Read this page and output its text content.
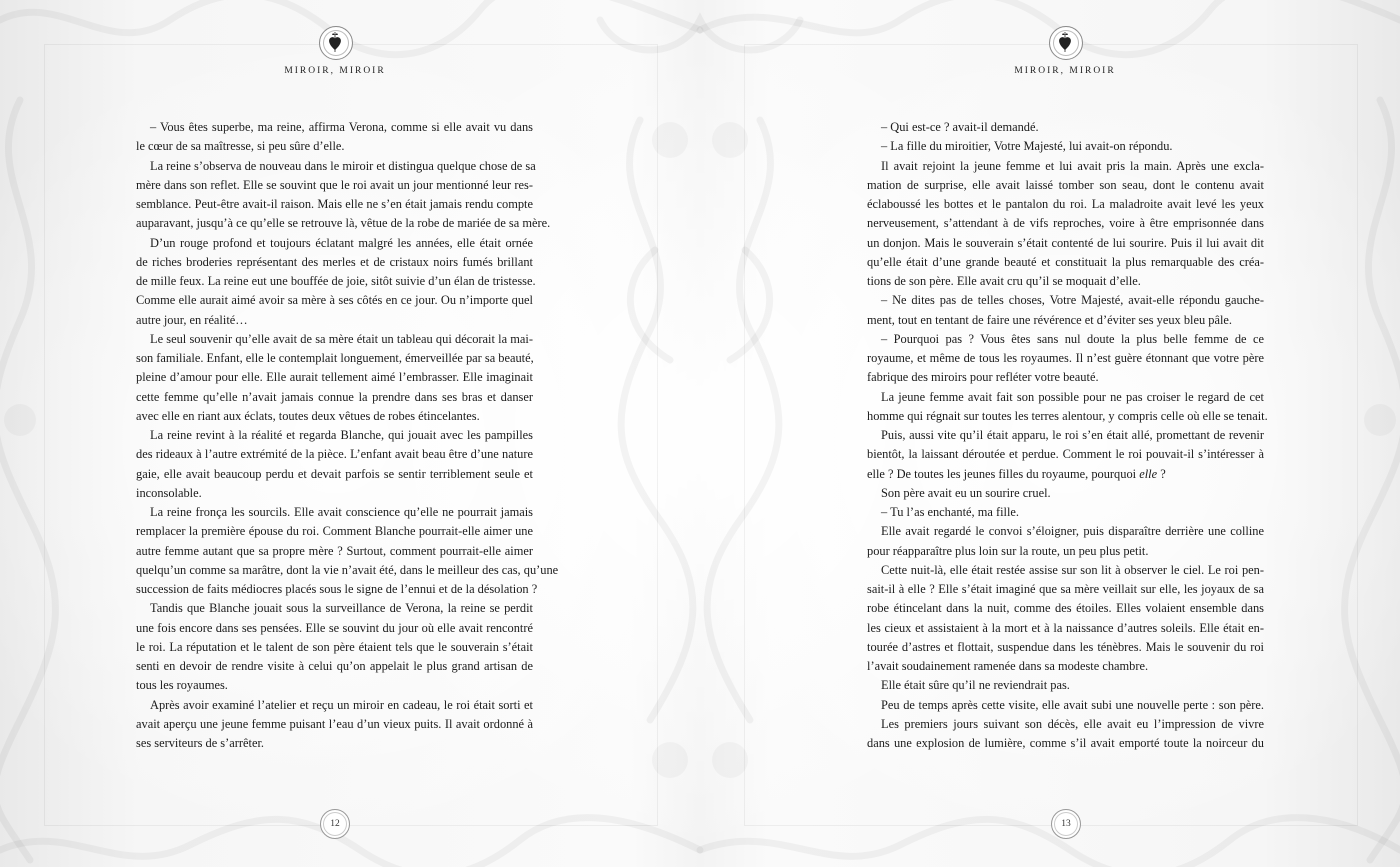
MIROIR, MIROIR
– Vous êtes superbe, ma reine, affirma Verona, comme si elle avait vu dans
le cœur de sa maîtresse, si peu sûre d’elle.
La reine s’observa de nouveau dans le miroir et distingua quelque chose de sa
mère dans son reflet. Elle se souvint que le roi avait un jour mentionné leur res-
semblance. Peut-être avait-il raison. Mais elle ne s’en était jamais rendu compte
auparavant, jusqu’à ce qu’elle se retrouve là, vêtue de la robe de mariée de sa mère.
D’un rouge profond et toujours éclatant malgré les années, elle était ornée
de riches broderies représentant des merles et de cristaux noirs fumés brillant
de mille feux. La reine eut une bouffée de joie, sitôt suivie d’un élan de tristesse.
Comme elle aurait aimé avoir sa mère à ses côtés en ce jour. Ou n’importe quel
autre jour, en réalité…
Le seul souvenir qu’elle avait de sa mère était un tableau qui décorait la mai-
son familiale. Enfant, elle le contemplait longuement, émerveillée par sa beauté,
pleine d’amour pour elle. Elle aurait tellement aimé l’embrasser. Elle imaginait
cette femme qu’elle n’avait jamais connue la prendre dans ses bras et danser
avec elle en riant aux éclats, toutes deux vêtues de robes étincelantes.
La reine revint à la réalité et regarda Blanche, qui jouait avec les pampilles
des rideaux à l’autre extrémité de la pièce. L’enfant avait beau être d’une nature
gaie, elle avait beaucoup perdu et devait parfois se sentir terriblement seule et
inconsolable.
La reine fronça les sourcils. Elle avait conscience qu’elle ne pourrait jamais
remplacer la première épouse du roi. Comment Blanche pourrait-elle aimer une
autre femme autant que sa propre mère ? Surtout, comment pourrait-elle aimer
quelqu’un comme sa marâtre, dont la vie n’avait été, dans le meilleur des cas, qu’une
succession de faits médiocres placés sous le signe de l’ennui et de la désolation ?
Tandis que Blanche jouait sous la surveillance de Verona, la reine se perdit
une fois encore dans ses pensées. Elle se souvint du jour où elle avait rencontré
le roi. La réputation et le talent de son père étaient tels que le souverain s’était
senti en devoir de rendre visite à celui qu’on appelait le plus grand artisan de
tous les royaumes.
Après avoir examiné l’atelier et reçu un miroir en cadeau, le roi était sorti et
avait aperçu une jeune femme puisant l’eau d’un vieux puits. Il avait ordonné à
ses serviteurs de s’arrêter.
12
MIROIR, MIROIR
– Qui est-ce ? avait-il demandé.
– La fille du miroitier, Votre Majesté, lui avait-on répondu.
Il avait rejoint la jeune femme et lui avait pris la main. Après une excla-
mation de surprise, elle avait laissé tomber son seau, dont le contenu avait
éclaboussé les bottes et le pantalon du roi. La maladroite avait levé les yeux
nerveusement, s’attendant à de vifs reproches, voire à être emprisonnée dans
un donjon. Mais le souverain s’était contenté de lui sourire. Puis il lui avait dit
qu’elle était d’une grande beauté et constituait la plus remarquable des créa-
tions de son père. Elle avait cru qu’il se moquait d’elle.
– Ne dites pas de telles choses, Votre Majesté, avait-elle répondu gauche-
ment, tout en tentant de faire une révérence et d’éviter ses yeux bleu pâle.
– Pourquoi pas ? Vous êtes sans nul doute la plus belle femme de ce
royaume, et même de tous les royaumes. Il n’est guère étonnant que votre père
fabrique des miroirs pour refléter votre beauté.
La jeune femme avait fait son possible pour ne pas croiser le regard de cet
homme qui régnait sur toutes les terres alentour, y compris celle où elle se tenait.
Puis, aussi vite qu’il était apparu, le roi s’en était allé, promettant de revenir
bientôt, la laissant déroutée et perdue. Comment le roi pouvait-il s’intéresser à
elle ? De toutes les jeunes filles du royaume, pourquoi elle ?
Son père avait eu un sourire cruel.
– Tu l’as enchanté, ma fille.
Elle avait regardé le convoi s’éloigner, puis disparaître derrière une colline
pour réapparaître plus loin sur la route, un peu plus petit.
Cette nuit-là, elle était restée assise sur son lit à observer le ciel. Le roi pen-
sait-il à elle ? Elle s’était imaginé que sa mère veillait sur elle, les joyaux de sa
robe étincelant dans la nuit, comme des étoiles. Elles volaient ensemble dans
les cieux et assistaient à la mort et à la naissance d’autres soleils. Elle était en-
tourée d’astres et flottait, suspendue dans les ténèbres. Mais le souvenir du roi
l’avait soudainement ramenée dans sa modeste chambre.
Elle était sûre qu’il ne reviendrait pas.
Peu de temps après cette visite, elle avait subi une nouvelle perte : son père.
Les premiers jours suivant son décès, elle avait eu l’impression de vivre
dans une explosion de lumière, comme s’il avait emporté toute la noirceur du
13
